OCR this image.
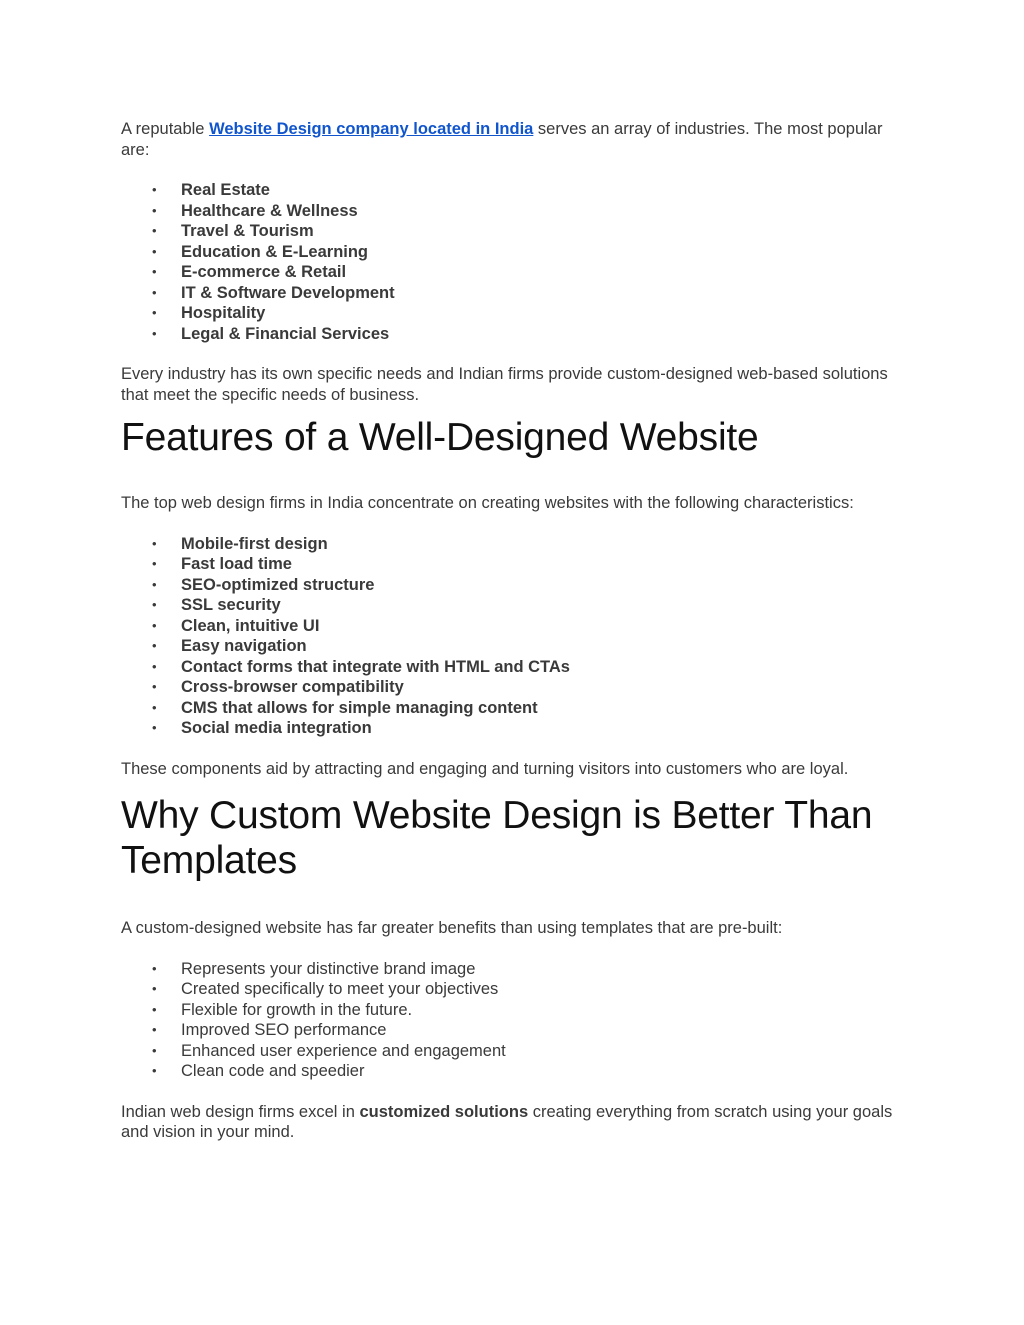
A reputable Website Design company located in India serves an array of industries. The most popular are:

• Real Estate
• Healthcare & Wellness
• Travel & Tourism
• Education & E-Learning
• E-commerce & Retail
• IT & Software Development
• Hospitality
• Legal & Financial Services

Every industry has its own specific needs and Indian firms provide custom-designed web-based solutions that meet the specific needs of business.

Features of a Well-Designed Website

The top web design firms in India concentrate on creating websites with the following characteristics:

• Mobile-first design
• Fast load time
• SEO-optimized structure
• SSL security
• Clean, intuitive UI
• Easy navigation
• Contact forms that integrate with HTML and CTAs
• Cross-browser compatibility
• CMS that allows for simple managing content
• Social media integration

These components aid by attracting and engaging and turning visitors into customers who are loyal.

Why Custom Website Design is Better Than Templates

A custom-designed website has far greater benefits than using templates that are pre-built:

• Represents your distinctive brand image
• Created specifically to meet your objectives
• Flexible for growth in the future.
• Improved SEO performance
• Enhanced user experience and engagement
• Clean code and speedier

Indian web design firms excel in customized solutions creating everything from scratch using your goals and vision in your mind.
